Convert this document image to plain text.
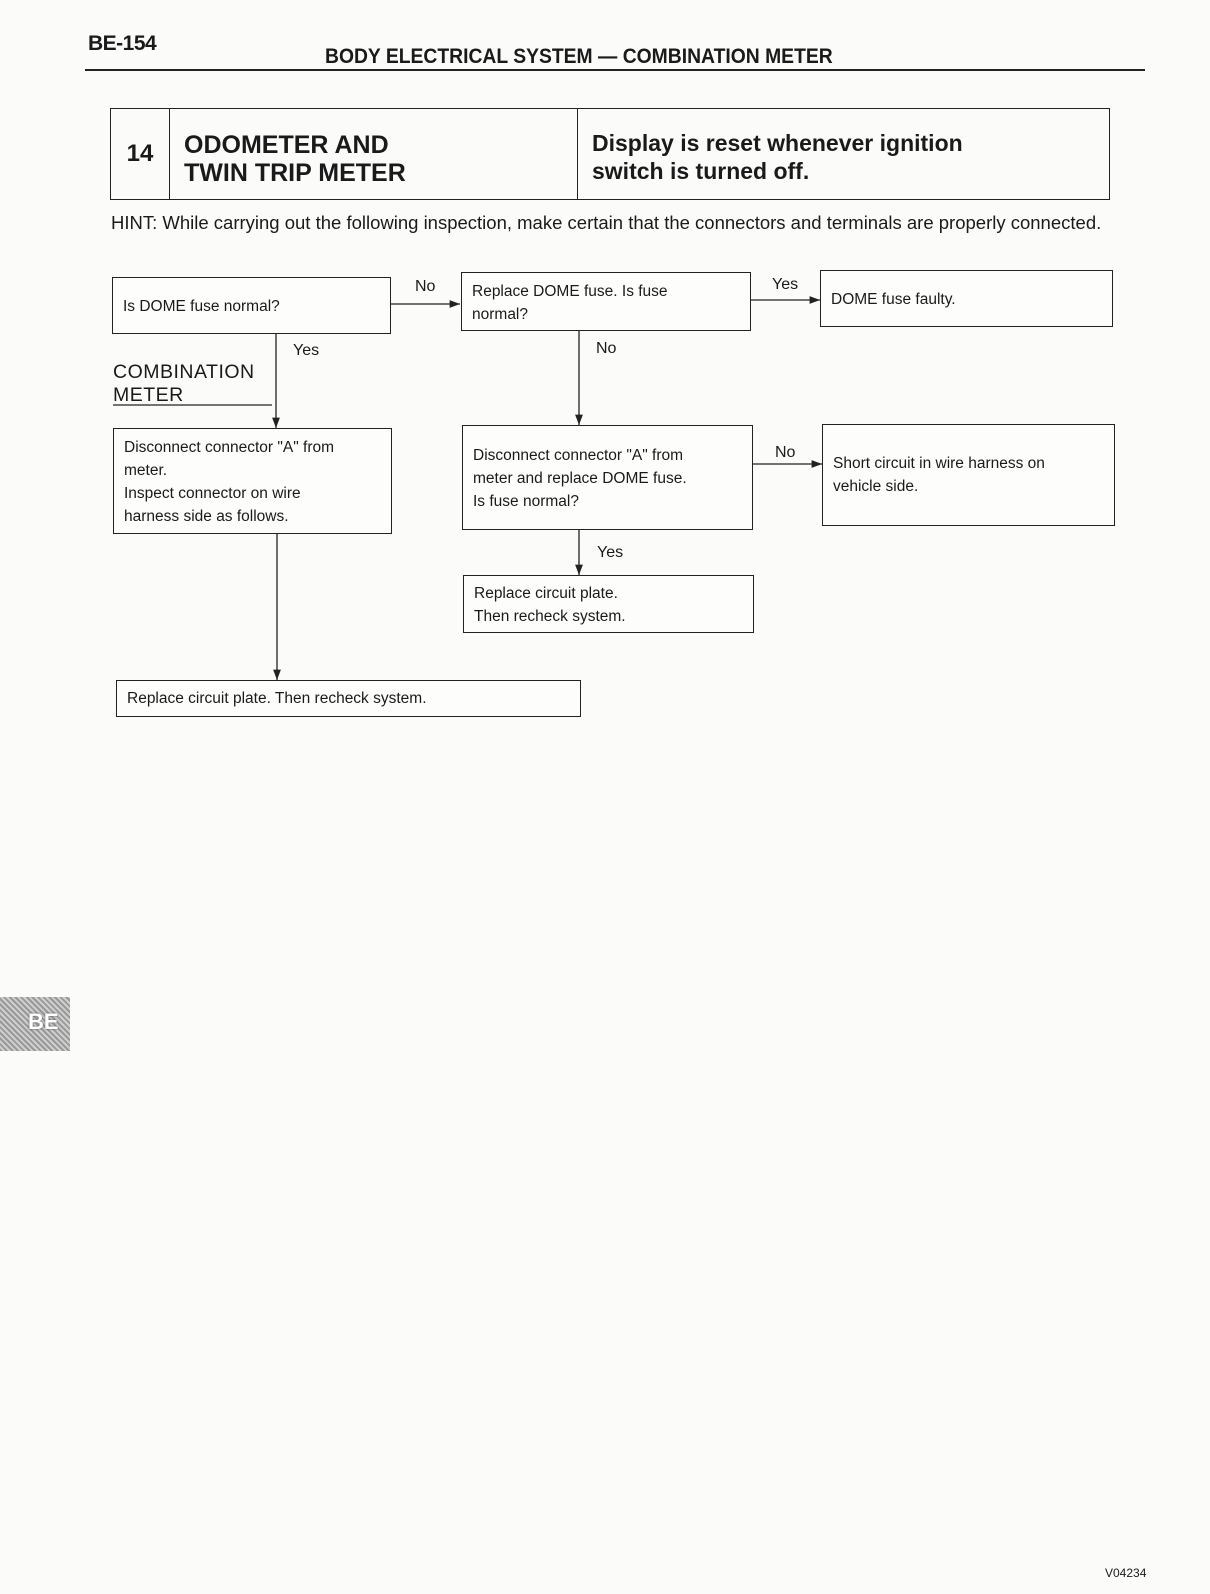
BE-154
BODY ELECTRICAL SYSTEM — COMBINATION METER
14	ODOMETER AND
TWIN TRIP METER
Display is reset whenever ignition
switch is turned off.
HINT: While carrying out the following inspection, make certain that the connectors and terminals are properly connected.
Is DOME fuse normal?
Replace DOME fuse. Is fuse
normal?
DOME fuse faulty.
Disconnect connector "A" from
meter.
Inspect connector on wire
harness side as follows.
Disconnect connector "A" from
meter and replace DOME fuse.
Is fuse normal?
Short circuit in wire harness on
vehicle side.
Replace circuit plate.
Then recheck system.
Replace circuit plate. Then recheck system.
No
Yes
Yes
No
No
Yes
COMBINATION
METER
BE
V04234
